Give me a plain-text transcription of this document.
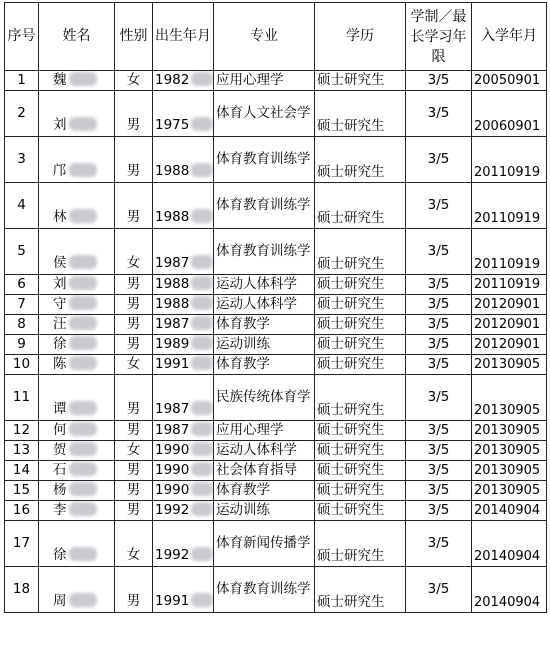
序号	姓名	性别	出生年月	专业	学历	学制／最长学习年限	入学年月
1	魏	女	1982	应用心理学	硕士研究生	3/5	20050901
2	刘	男	1975	体育人文社会学	硕士研究生	3/5	20060901
3	邝	男	1988	体育教育训练学	硕士研究生	3/5	20110919
4	林	男	1988	体育教育训练学	硕士研究生	3/5	20110919
5	侯	女	1987	体育教育训练学	硕士研究生	3/5	20110919
6	刘	男	1988	运动人体科学	硕士研究生	3/5	20110919
7	守	男	1988	运动人体科学	硕士研究生	3/5	20120901
8	汪	男	1987	体育教学	硕士研究生	3/5	20120901
9	徐	男	1989	运动训练	硕士研究生	3/5	20120901
10	陈	女	1991	体育教学	硕士研究生	3/5	20130905
11	谭	男	1987	民族传统体育学	硕士研究生	3/5	20130905
12	何	男	1987	应用心理学	硕士研究生	3/5	20130905
13	贺	女	1990	运动人体科学	硕士研究生	3/5	20130905
14	石	男	1990	社会体育指导	硕士研究生	3/5	20130905
15	杨	男	1990	体育教学	硕士研究生	3/5	20130905
16	李	男	1992	运动训练	硕士研究生	3/5	20140904
17	徐	女	1992	体育新闻传播学	硕士研究生	3/5	20140904
18	周	男	1991	体育教育训练学	硕士研究生	3/5	20140904
